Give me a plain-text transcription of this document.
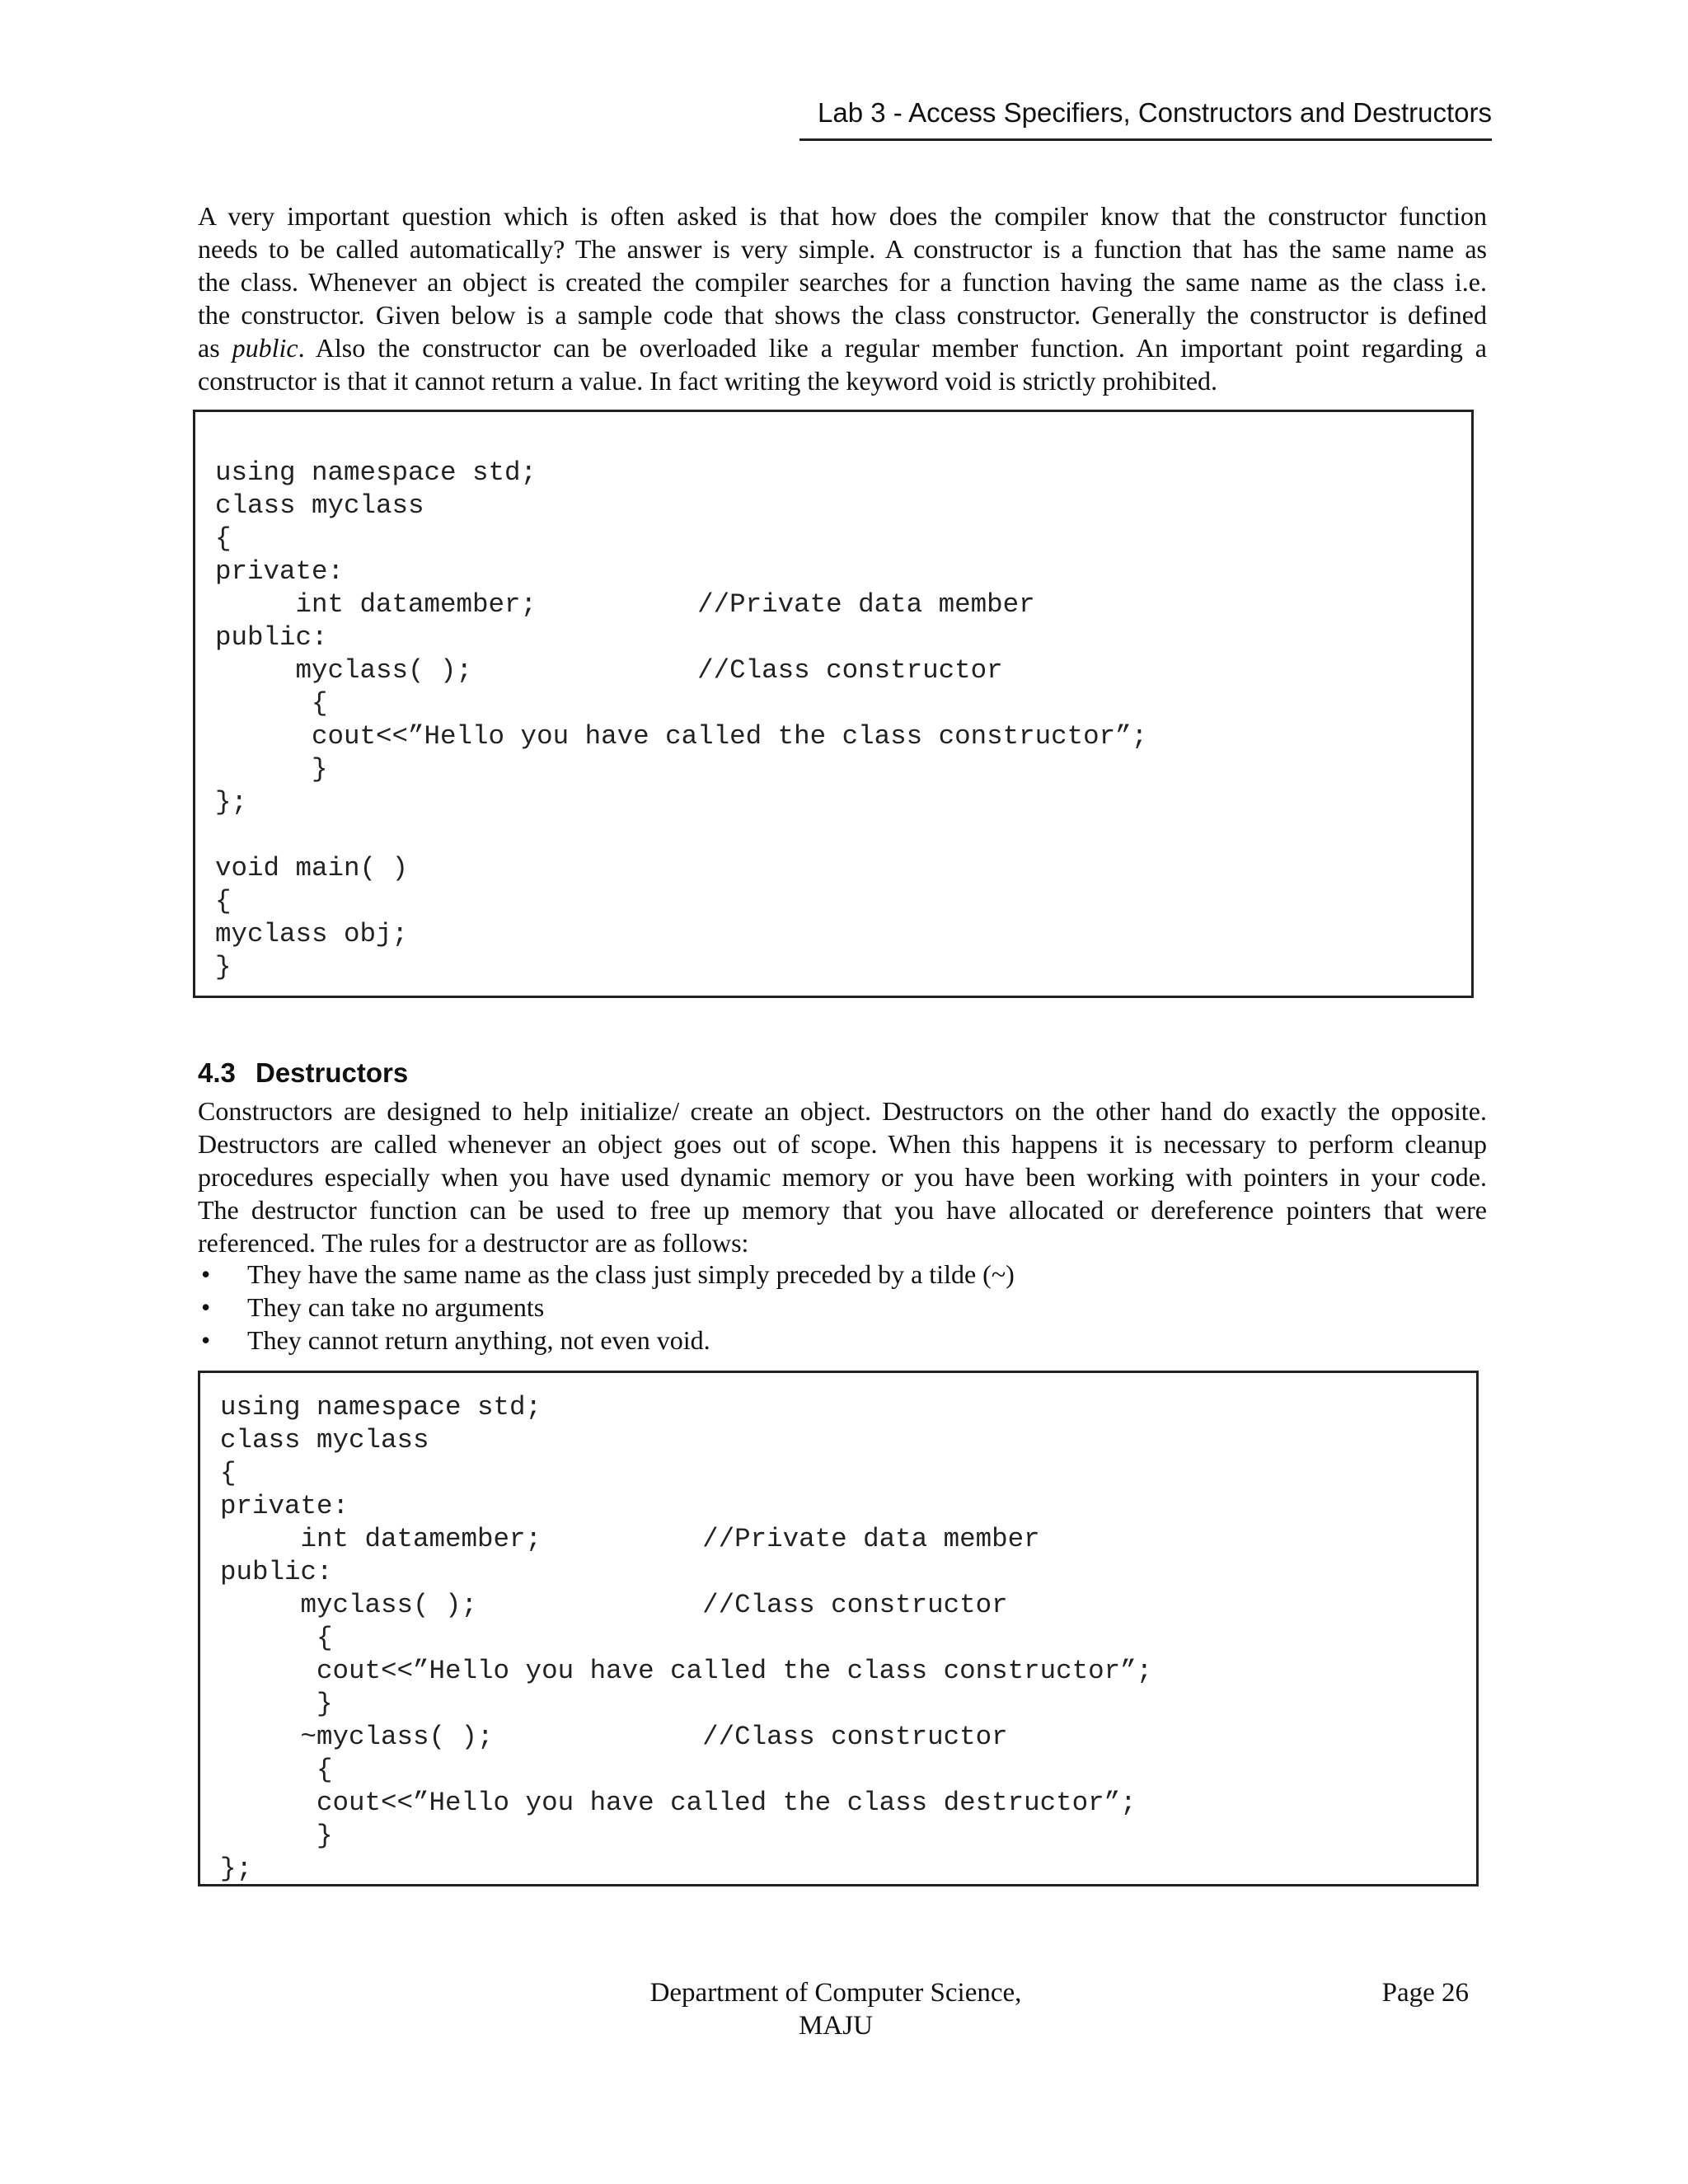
Lab 3 - Access Specifiers, Constructors and Destructors
A very important question which is often asked is that how does the compiler know that the constructor function
needs to be called automatically? The answer is very simple. A constructor is a function that has the same name as
the class. Whenever an object is created the compiler searches for a function having the same name as the class i.e.
the constructor. Given below is a sample code that shows the class constructor. Generally the constructor is defined
as public. Also the constructor can be overloaded like a regular member function. An important point regarding a
constructor is that it cannot return a value. In fact writing the keyword void is strictly prohibited.

using namespace std;
class myclass
{
private:
int datamember;          //Private data member
public:
myclass( );              //Class constructor
{
cout<<”Hello you have called the class constructor”;
}
};

void main( )
{
myclass obj;
}
4.3 Destructors
Constructors are designed to help initialize/ create an object. Destructors on the other hand do exactly the opposite.
Destructors are called whenever an object goes out of scope. When this happens it is necessary to perform cleanup
procedures especially when you have used dynamic memory or you have been working with pointers in your code.
The destructor function can be used to free up memory that you have allocated or dereference pointers that were
referenced. The rules for a destructor are as follows:
• They have the same name as the class just simply preceded by a tilde (~)
• They can take no arguments
• They cannot return anything, not even void.
using namespace std;
class myclass
{
private:
int datamember;          //Private data member
public:
myclass( );              //Class constructor
{
cout<<”Hello you have called the class constructor”;
}
~myclass( );             //Class constructor
{
cout<<”Hello you have called the class destructor”;
}
};
Department of Computer Science,
MAJU
Page 26
